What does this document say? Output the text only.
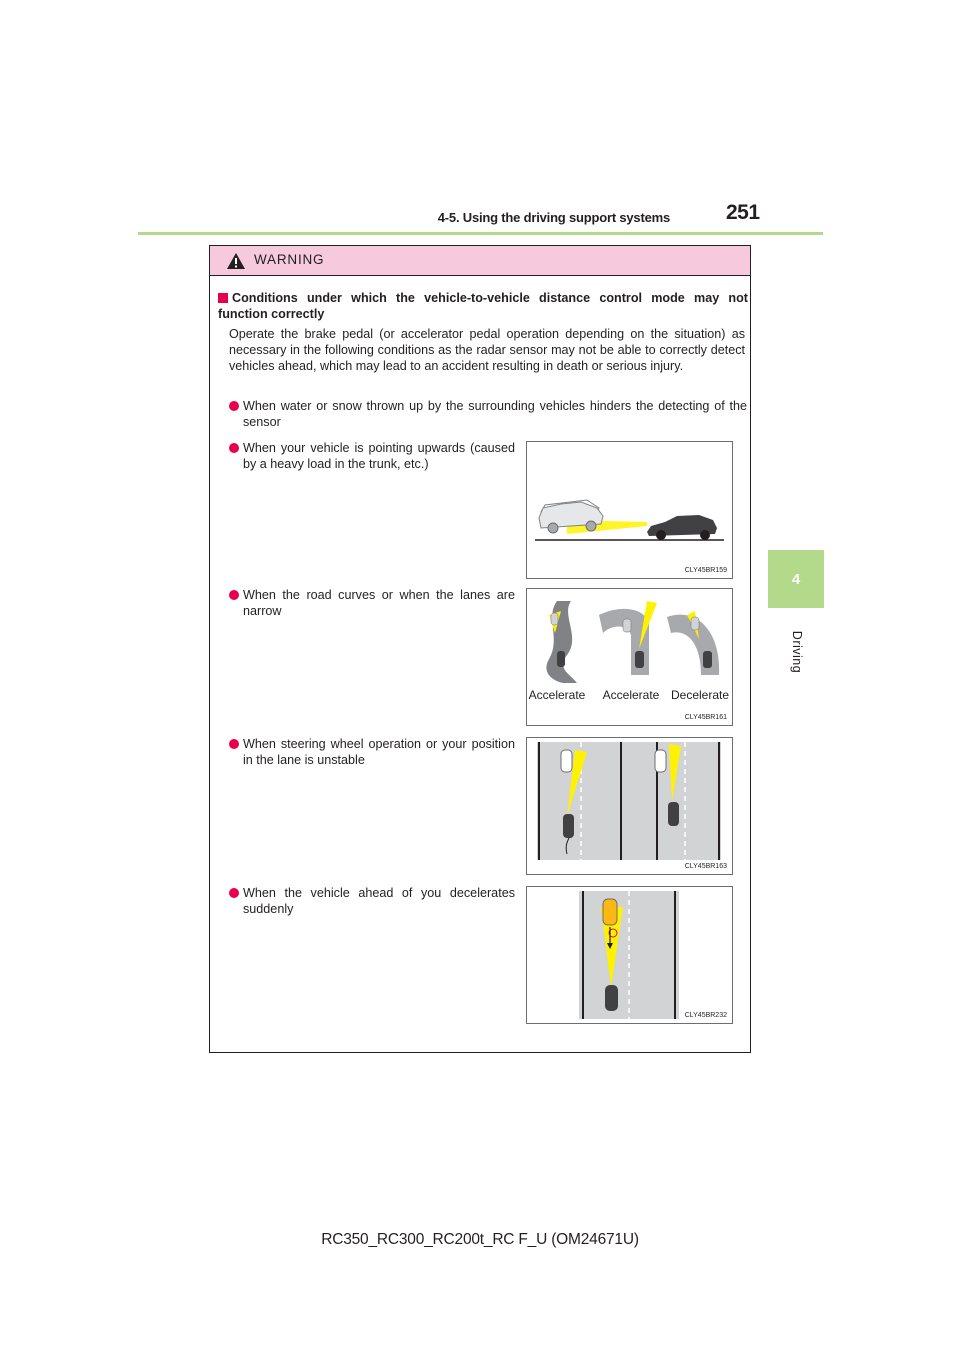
4-5. Using the driving support systems	251
4
Driving
WARNING
Conditions under which the vehicle-to-vehicle distance control mode may not function correctly
Operate the brake pedal (or accelerator pedal operation depending on the situation) as necessary in the following conditions as the radar sensor may not be able to correctly detect vehicles ahead, which may lead to an accident resulting in death or serious injury.
When water or snow thrown up by the surrounding vehicles hinders the detecting of the sensor
When your vehicle is pointing upwards (caused by a heavy load in the trunk, etc.)
When the road curves or when the lanes are narrow
When steering wheel operation or your position in the lane is unstable
When the vehicle ahead of you decelerates suddenly
CLY45BR159
Accelerate Accelerate Decelerate
CLY45BR161
CLY45BR163
CLY45BR232
RC350_RC300_RC200t_RC F_U (OM24671U)
